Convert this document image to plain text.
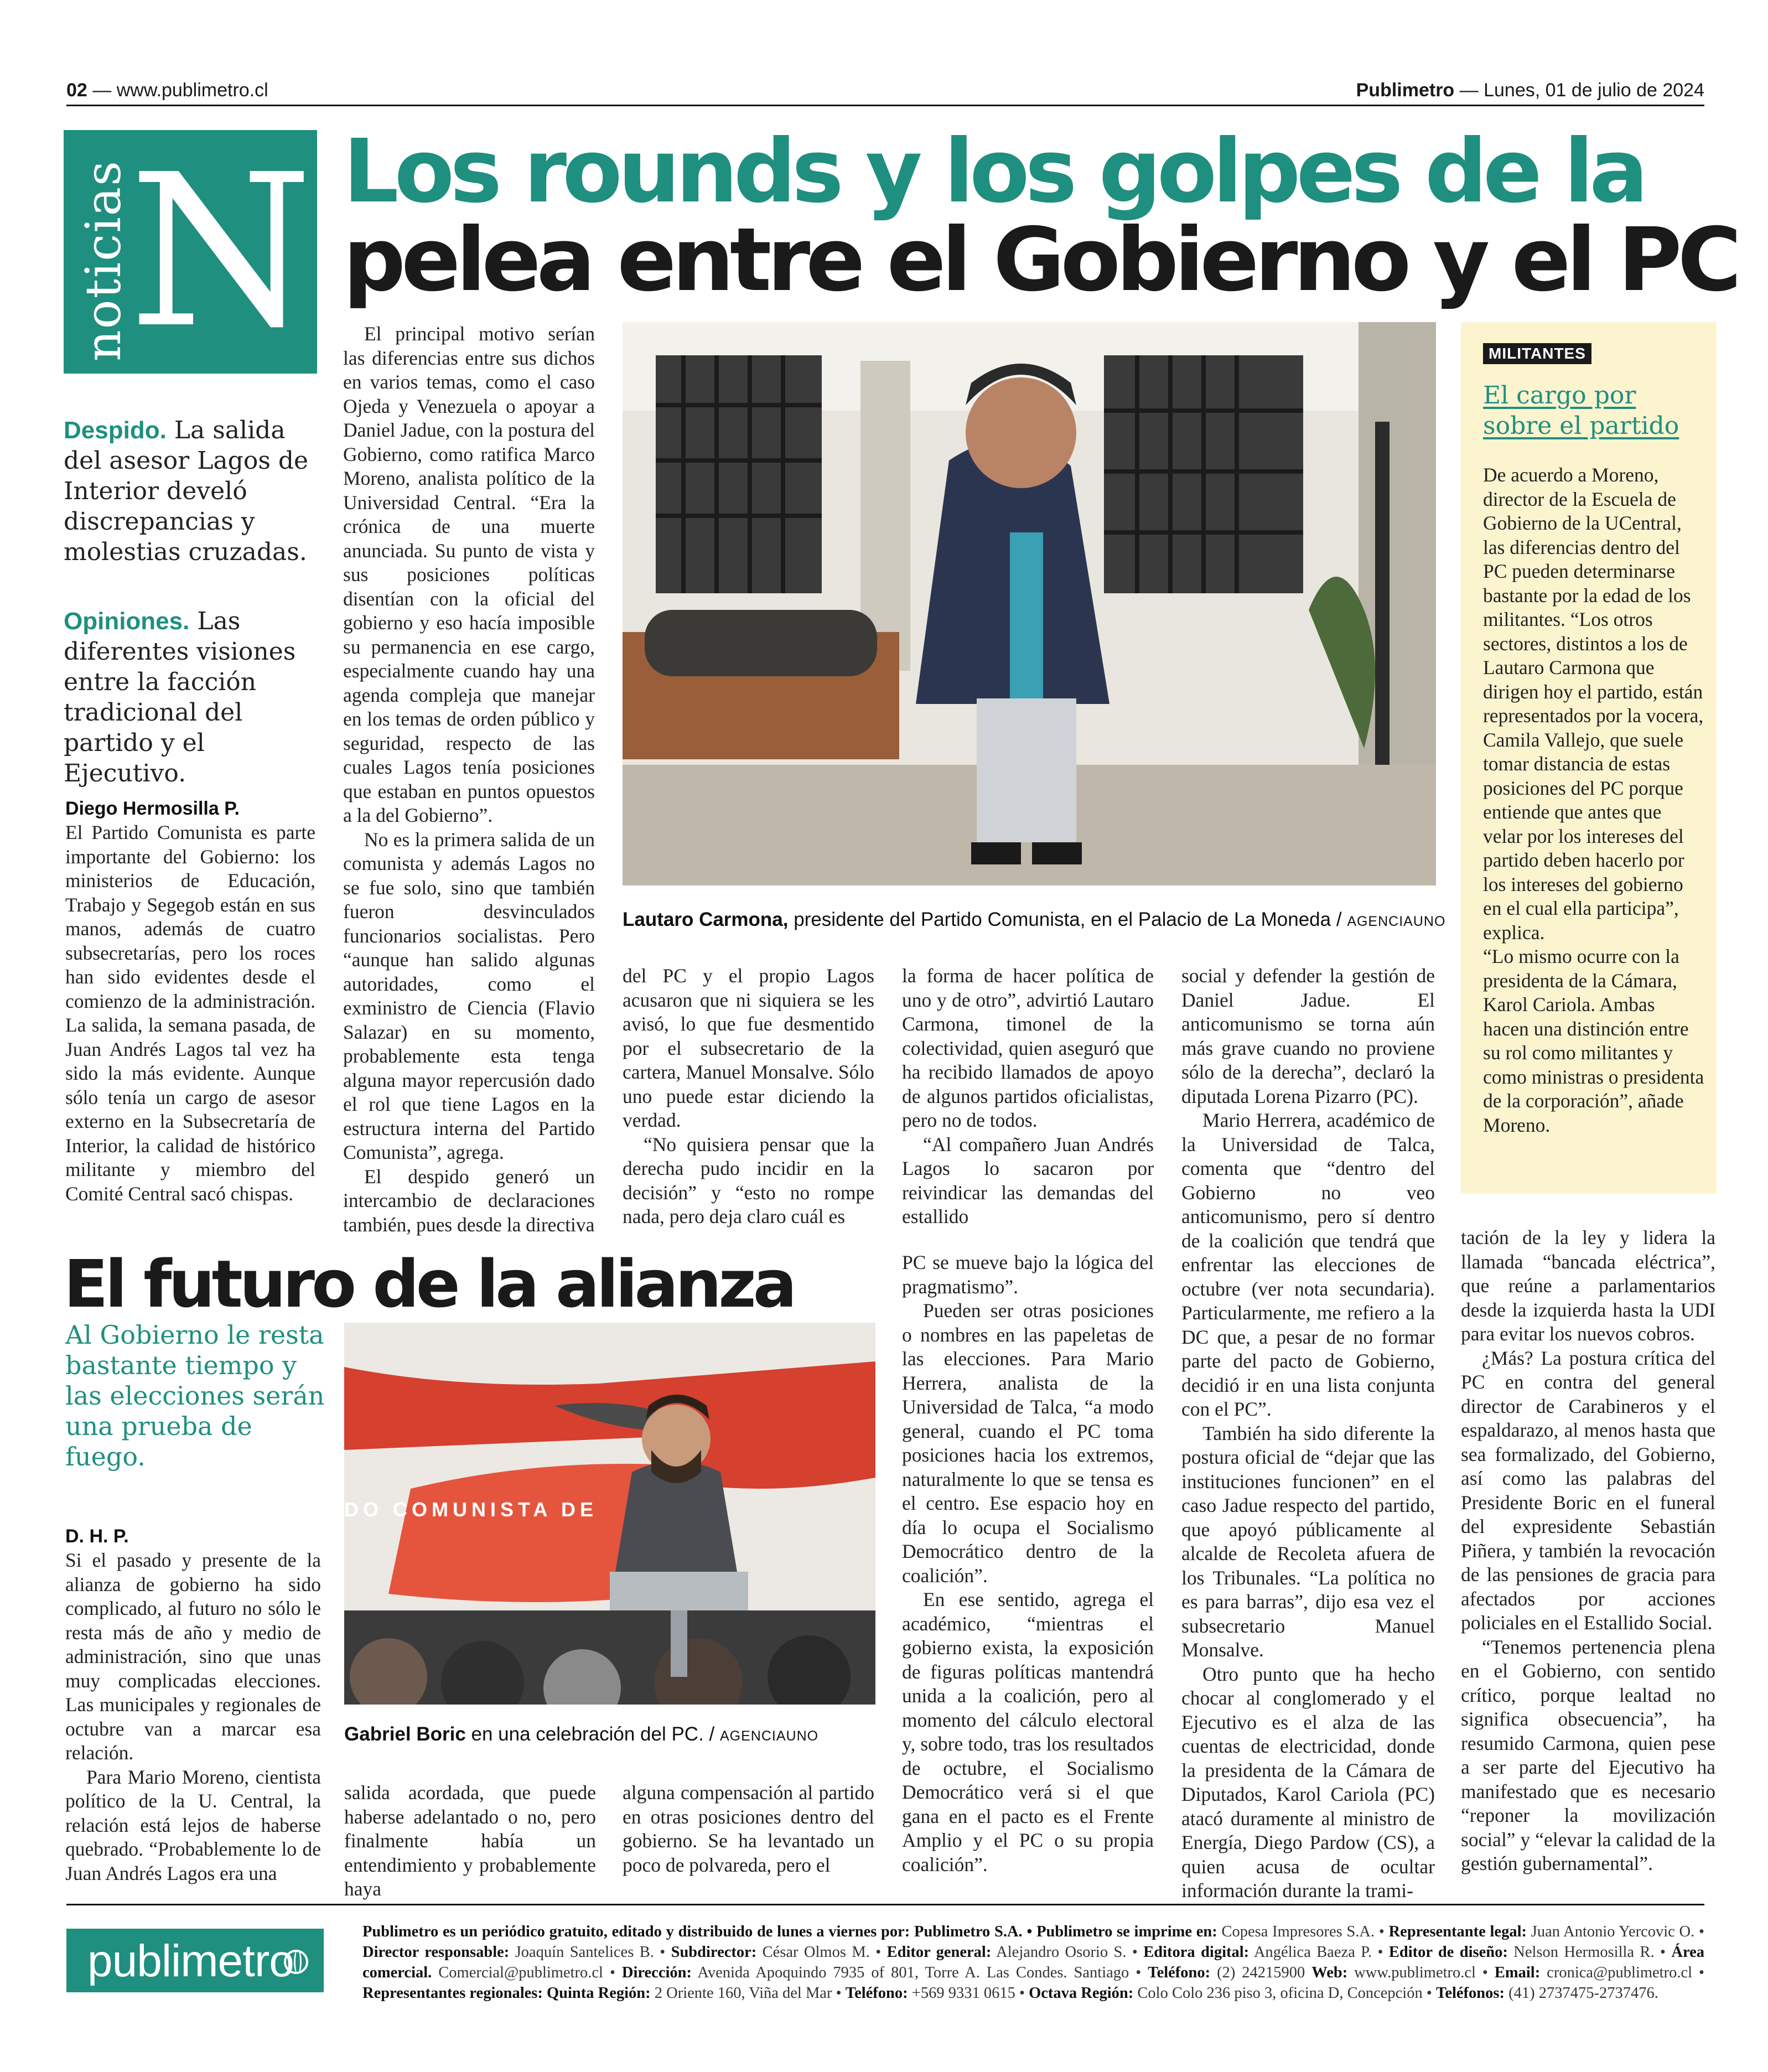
02 — www.publimetro.cl	Publimetro — Lunes, 01 de julio de 2024
noticias
N Los rounds y los golpes de la
pelea entre el Gobierno y el PC
Despido. La salida del asesor Lagos de Interior develó discrepancias y molestias cruzadas.
Opiniones. Las diferentes visiones entre la facción tradicional del partido y el Ejecutivo.
Diego Hermosilla P.

El Partido Comunista es parte importante del Gobierno: los ministerios de Educación, Trabajo y Segegob están en sus manos, además de cuatro subsecretarías, pero los roces han sido evidentes desde el comienzo de la administración. La salida, la semana pasada, de Juan Andrés Lagos tal vez ha sido la más evidente. Aunque sólo tenía un cargo de asesor externo en la Subsecretaría de Interior, la calidad de histórico militante y miembro del Comité Central sacó chispas.

El principal motivo serían las diferencias entre sus dichos en varios temas, como el caso Ojeda y Venezuela o apoyar a Daniel Jadue, con la postura del Gobierno, como ratifica Marco Moreno, analista político de la Universidad Central. “Era la crónica de una muerte anunciada. Su punto de vista y sus posiciones políticas disentían con la oficial del gobierno y eso hacía imposible su permanencia en ese cargo, especialmente cuando hay una agenda compleja que manejar en los temas de orden público y seguridad, respecto de las cuales Lagos tenía posiciones que estaban en puntos opuestos a la del Gobierno”.

No es la primera salida de un comunista y además Lagos no se fue solo, sino que también fueron desvinculados funcionarios socialistas. Pero “aunque han salido algunas autoridades, como el exministro de Ciencia (Flavio Salazar) en su momento, probablemente esta tenga alguna mayor repercusión dado el rol que tiene Lagos en la estructura interna del Partido Comunista”, agrega.

El despido generó un intercambio de declaraciones también, pues desde la directiva

Lautaro Carmona, presidente del Partido Comunista, en el Palacio de La Moneda / AGENCIAUNO

del PC y el propio Lagos acusaron que ni siquiera se les avisó, lo que fue desmentido por el subsecretario de la cartera, Manuel Monsalve. Sólo uno puede estar diciendo la verdad.

“No quisiera pensar que la derecha pudo incidir en la decisión” y “esto no rompe nada, pero deja claro cuál es

la forma de hacer política de uno y de otro”, advirtió Lautaro Carmona, timonel de la colectividad, quien aseguró que ha recibido llamados de apoyo de algunos partidos oficialistas, pero no de todos.

“Al compañero Juan Andrés Lagos lo sacaron por reivindicar las demandas del estallido

social y defender la gestión de Daniel Jadue. El anticomunismo se torna aún más grave cuando no proviene sólo de la derecha”, declaró la diputada Lorena Pizarro (PC).

Mario Herrera, académico de la Universidad de Talca, comenta que “dentro del Gobierno no veo anticomunismo, pero sí dentro de la coalición que tendrá que enfrentar las elecciones de octubre (ver nota secundaria). Particularmente, me refiero a la DC que, a pesar de no formar parte del pacto de Gobierno, decidió ir en una lista conjunta con el PC”.

También ha sido diferente la postura oficial de “dejar que las instituciones funcionen” en el caso Jadue respecto del partido, que apoyó públicamente al alcalde de Recoleta afuera de los Tribunales. “La política no es para barras”, dijo esa vez el subsecretario Manuel Monsalve.

Otro punto que ha hecho chocar al conglomerado y el Ejecutivo es el alza de las cuentas de electricidad, donde la presidenta de la Cámara de Diputados, Karol Cariola (PC) atacó duramente al ministro de Energía, Diego Pardow (CS), a quien acusa de ocultar información durante la trami-

MILITANTES
El cargo por sobre el partido

De acuerdo a Moreno, director de la Escuela de Gobierno de la UCentral, las diferencias dentro del PC pueden determinarse bastante por la edad de los militantes. “Los otros sectores, distintos a los de Lautaro Carmona que dirigen hoy el partido, están representados por la vocera, Camila Vallejo, que suele tomar distancia de estas posiciones del PC porque entiende que antes que velar por los intereses del partido deben hacerlo por los intereses del gobierno en el cual ella participa”, explica.

“Lo mismo ocurre con la presidenta de la Cámara, Karol Cariola. Ambas hacen una distinción entre su rol como militantes y como ministras o presidenta de la corporación”, añade Moreno.

tación de la ley y lidera la llamada “bancada eléctrica”, que reúne a parlamentarios desde la izquierda hasta la UDI para evitar los nuevos cobros.

¿Más? La postura crítica del PC en contra del general director de Carabineros y el espaldarazo, al menos hasta que sea formalizado, del Gobierno, así como las palabras del Presidente Boric en el funeral del expresidente Sebastián Piñera, y también la revocación de las pensiones de gracia para afectados por acciones policiales en el Estallido Social.

“Tenemos pertenencia plena en el Gobierno, con sentido crítico, porque lealtad no significa obsecuencia”, ha resumido Carmona, quien pese a ser parte del Ejecutivo ha manifestado que es necesario “reponer la movilización social” y “elevar la calidad de la gestión gubernamental”.

El futuro de la alianza
Al Gobierno le resta bastante tiempo y las elecciones serán una prueba de fuego.
D. H. P.

Si el pasado y presente de la alianza de gobierno ha sido complicado, al futuro no sólo le resta más de año y medio de administración, sino que unas muy complicadas elecciones. Las municipales y regionales de octubre van a marcar esa relación.

Para Mario Moreno, cientista político de la U. Central, la relación está lejos de haberse quebrado. “Probablemente lo de Juan Andrés Lagos era una

DO COMUNISTA DE
Gabriel Boric en una celebración del PC. / AGENCIAUNO

salida acordada, que puede haberse adelantado o no, pero finalmente había un entendimiento y probablemente haya

alguna compensación al partido en otras posiciones dentro del gobierno. Se ha levantado un poco de polvareda, pero el

PC se mueve bajo la lógica del pragmatismo”.

Pueden ser otras posiciones o nombres en las papeletas de las elecciones. Para Mario Herrera, analista de la Universidad de Talca, “a modo general, cuando el PC toma posiciones hacia los extremos, naturalmente lo que se tensa es el centro. Ese espacio hoy en día lo ocupa el Socialismo Democrático dentro de la coalición”.

En ese sentido, agrega el académico, “mientras el gobierno exista, la exposición de figuras políticas mantendrá unida a la coalición, pero al momento del cálculo electoral y, sobre todo, tras los resultados de octubre, el Socialismo Democrático verá si el que gana en el pacto es el Frente Amplio y el PC o su propia coalición”.

publimetro
Publimetro es un periódico gratuito, editado y distribuido de lunes a viernes por: Publimetro S.A. • Publimetro se imprime en: Copesa Impresores S.A. • Representante legal: Juan Antonio Yercovic O. • Director responsable: Joaquín Santelices B. • Subdirector: César Olmos M. • Editor general: Alejandro Osorio S. • Editora digital: Angélica Baeza P. • Editor de diseño: Nelson Hermosilla R. • Área comercial. Comercial@publimetro.cl • Dirección: Avenida Apoquindo 7935 of 801, Torre A. Las Condes. Santiago • Teléfono: (2) 24215900 Web: www.publimetro.cl • Email: cronica@publimetro.cl • Representantes regionales: Quinta Región: 2 Oriente 160, Viña del Mar • Teléfono: +569 9331 0615 • Octava Región: Colo Colo 236 piso 3, oficina D, Concepción • Teléfonos: (41) 2737475-2737476.
